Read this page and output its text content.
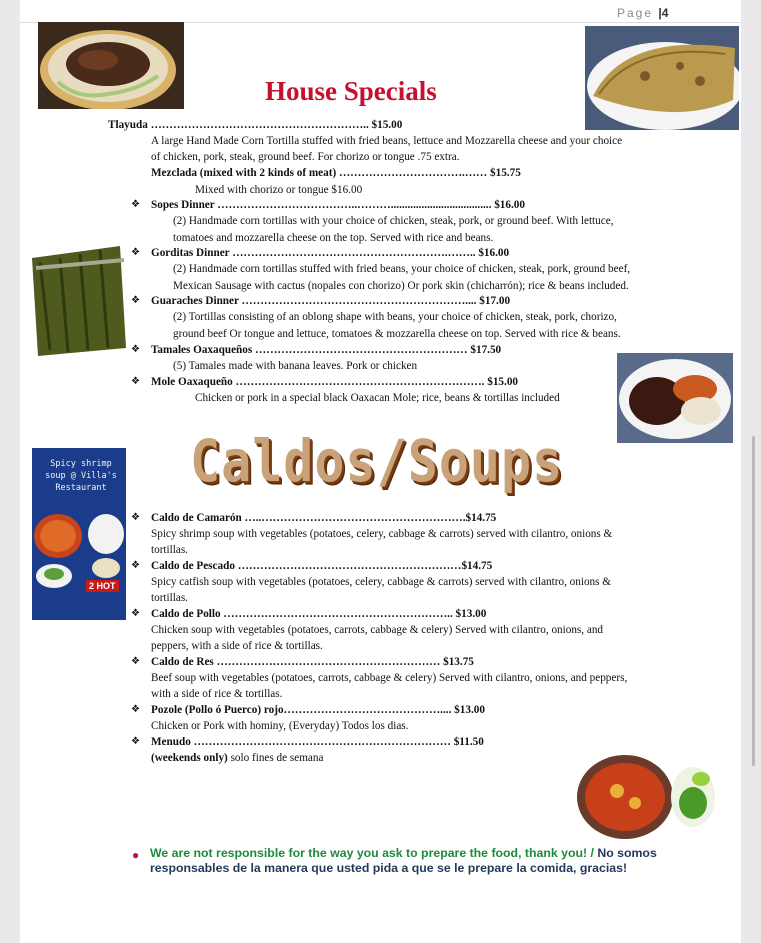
Page |4
House Specials
Caldos/Soups
Spicy shrimp
soup @ Villa's
Restaurant
2 HOT
Tlayuda ………………………………………………….. $15.00
A large Hand Made Corn Tortilla stuffed with fried beans, lettuce and Mozzarella cheese and your choice
of chicken, pork, steak, ground beef. For chorizo or tongue .75 extra.
Mezclada (mixed with 2 kinds of meat) …………………………….…… $15.75
Mixed with chorizo or tongue $16.00
❖ Sopes Dinner ………………………………..……….................................... $16.00
(2) Handmade corn tortillas with your choice of chicken, steak, pork, or ground beef. With lettuce,
tomatoes and mozzarella cheese on the top. Served with rice and beans.
❖ Gorditas Dinner ………………………………………………….…….. $16.00
(2) Handmade corn tortillas stuffed with fried beans, your choice of chicken, steak, pork, ground beef,
Mexican Sausage with cactus (nopales con chorizo) Or pork skin (chicharrón); rice & beans included.
❖ Guaraches Dinner …………………………………………………….... $17.00
(2) Tortillas consisting of an oblong shape with beans, your choice of chicken, steak, pork, chorizo,
ground beef Or tongue and lettuce, tomatoes & mozzarella cheese on top. Served with rice & beans.
❖ Tamales Oaxaqueños ………………………………………………… $17.50
(5) Tamales made with banana leaves. Pork or chicken
❖ Mole Oaxaqueño …………………………………………………………. $15.00
Chicken or pork in a special black Oaxacan Mole; rice, beans & tortillas included
❖ Caldo de Camarón …..……………………………………………….$14.75
Spicy shrimp soup with vegetables (potatoes, celery, cabbage & carrots) served with cilantro, onions &
tortillas.
❖ Caldo de Pescado ……………………………………………………$14.75
Spicy catfish soup with vegetables (potatoes, celery, cabbage & carrots) served with cilantro, onions &
tortillas.
❖ Caldo de Pollo …………………………………………………….. $13.00
Chicken soup with vegetables (potatoes, carrots, cabbage & celery) Served with cilantro, onions, and
peppers, with a side of rice & tortillas.
❖ Caldo de Res …………………………………………………… $13.75
Beef soup with vegetables (potatoes, carrots, cabbage & celery) Served with cilantro, onions, and peppers,
with a side of rice & tortillas.
❖ Pozole (Pollo ó Puerco) rojo…………………………………….... $13.00
Chicken or Pork with hominy, (Everyday) Todos los dias.
❖ Menudo …………………………………………………………… $11.50
(weekends only) solo fines de semana
● We are not responsible for the way you ask to prepare the food, thank you! / No somos responsables de la manera que usted pida a que se le prepare la comida, gracias!
